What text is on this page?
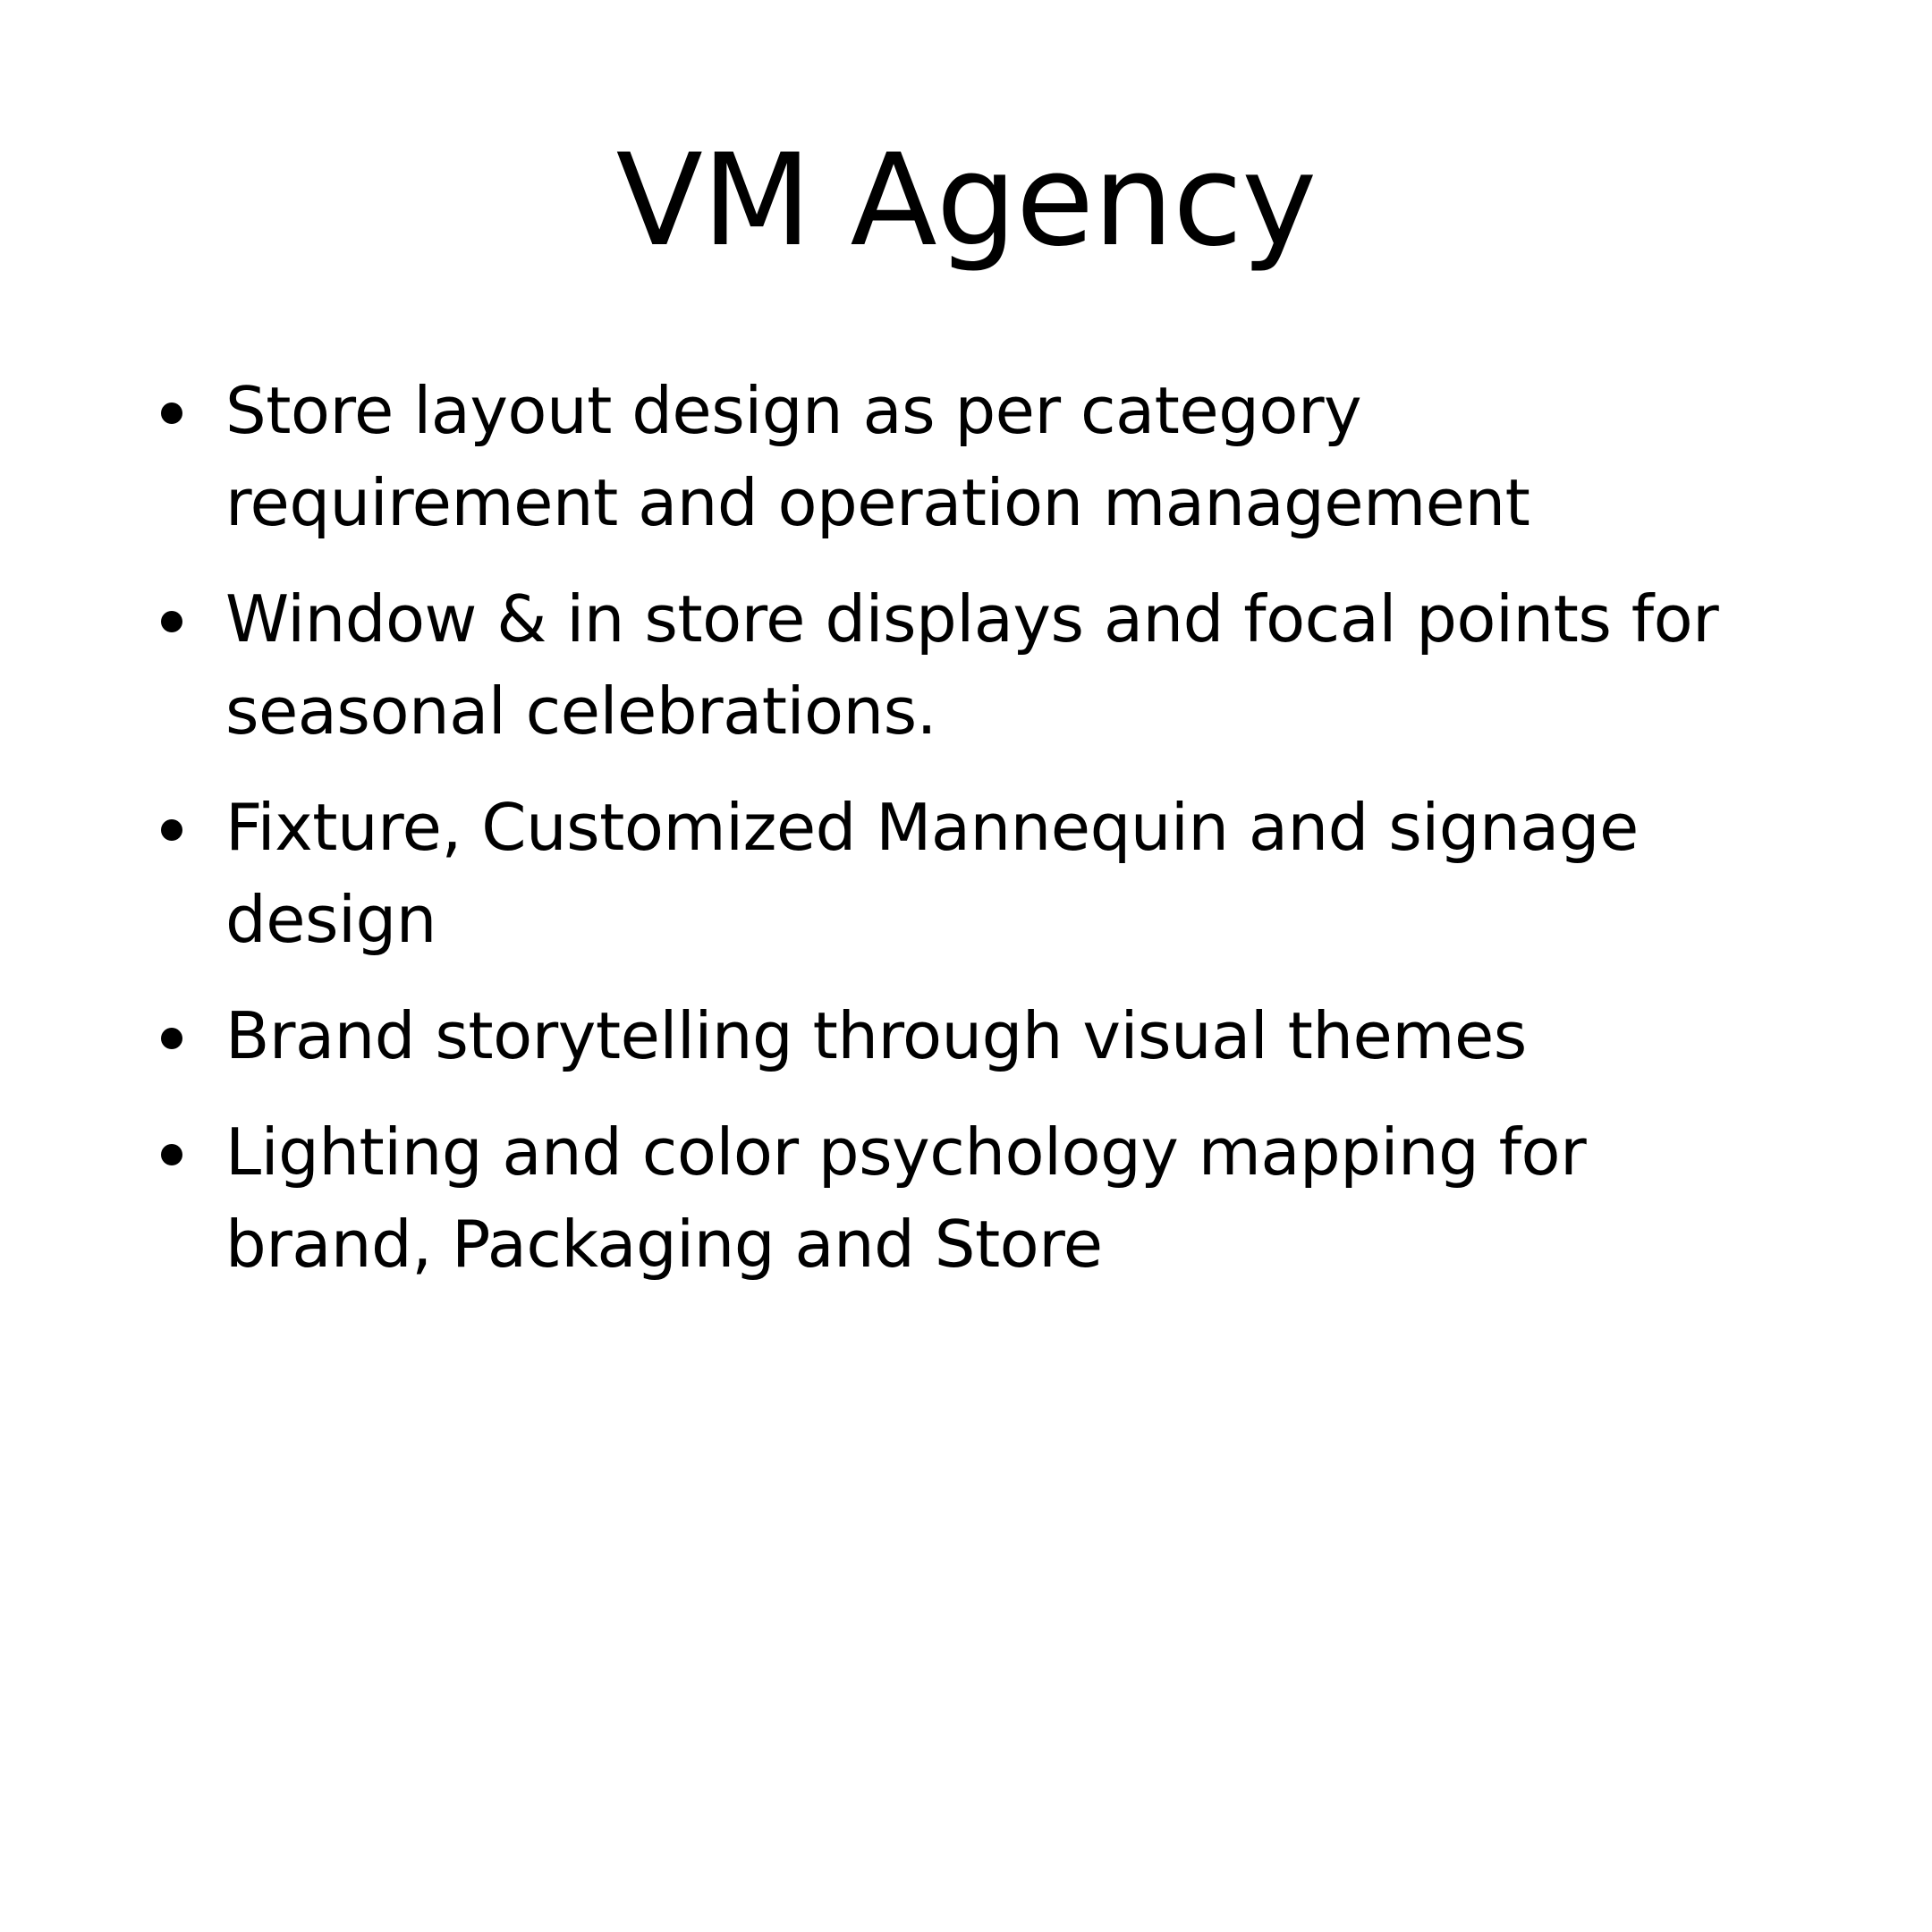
VM Agency
Store layout design as per category
requirement and operation management
Window & in store displays and focal points for
seasonal celebrations.
Fixture, Customized Mannequin and signage
design
Brand storytelling through visual themes
Lighting and color psychology mapping for
brand, Packaging and Store
